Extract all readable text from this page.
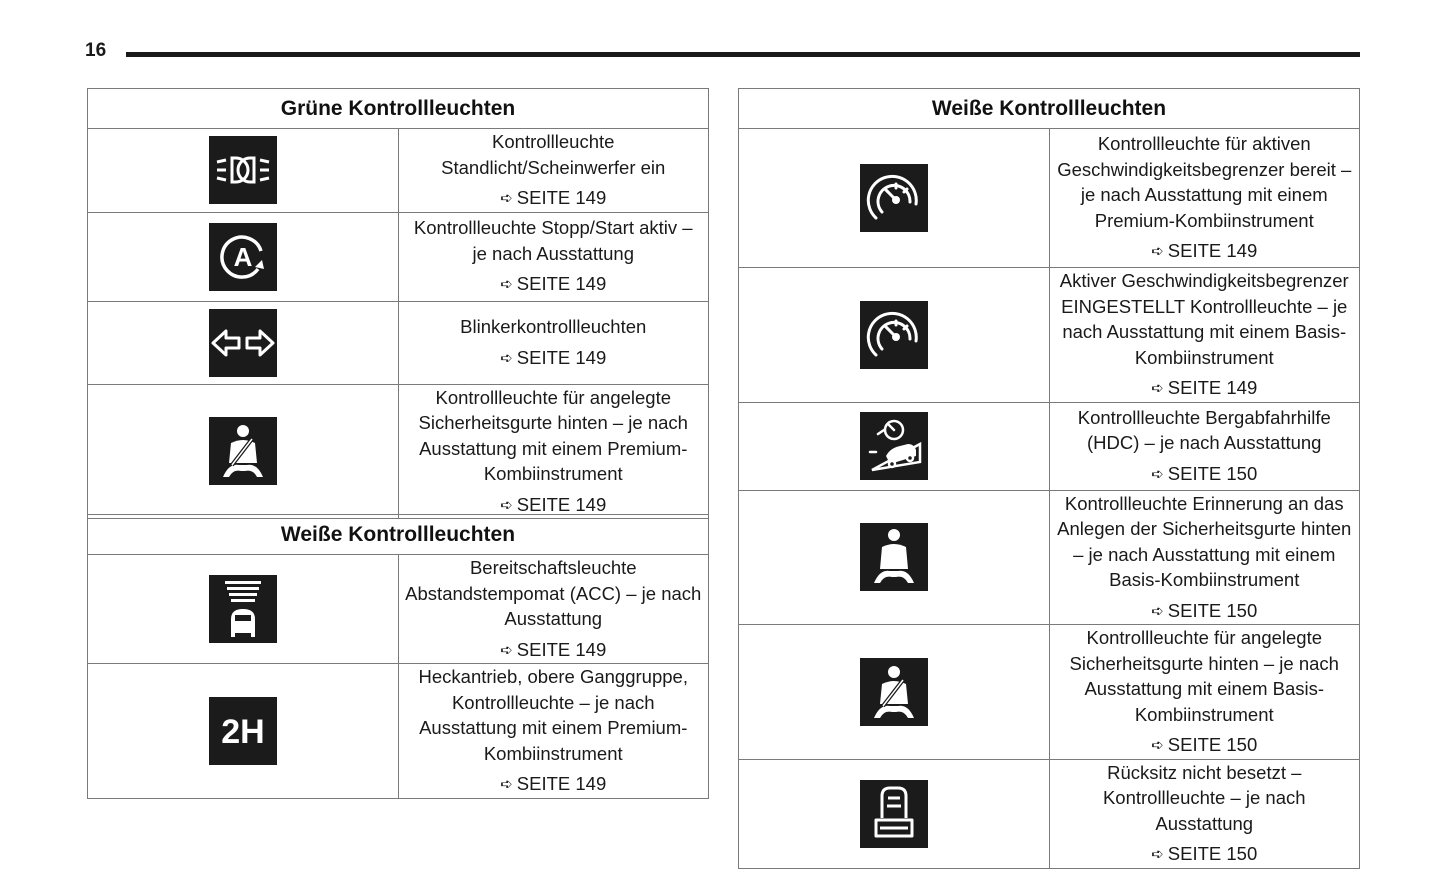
16
Grüne Kontrollleuchten	

Kontrollleuchte Standlicht/Scheinwerfer ein
➪ SEITE 149

A	Kontrollleuchte Stopp/Start aktiv – je nach Ausstattung
➪ SEITE 149

Blinkerkontrollleuchten
➪ SEITE 149

Kontrollleuchte für angelegte Sicherheitsgurte hinten – je nach Ausstattung mit einem Premium-Kombiinstrument
➪ SEITE 149
Weiße Kontrollleuchten	

Bereitschaftsleuchte Abstandstempomat (ACC) – je nach Ausstattung
➪ SEITE 149

2H	Heckantrieb, obere Ganggruppe, Kontrollleuchte – je nach Ausstattung mit einem Premium-Kombiinstrument
➪ SEITE 149
Weiße Kontrollleuchten	

Kontrollleuchte für aktiven Geschwindigkeitsbegrenzer bereit – je nach Ausstattung mit einem Premium-Kombiinstrument
➪ SEITE 149

Aktiver Geschwindigkeitsbegrenzer EINGESTELLT Kontrollleuchte – je nach Ausstattung mit einem Basis-Kombiinstrument
➪ SEITE 149

Kontrollleuchte Bergabfahrhilfe (HDC) – je nach Ausstattung
➪ SEITE 150

Kontrollleuchte Erinnerung an das Anlegen der Sicherheitsgurte hinten – je nach Ausstattung mit einem Basis-Kombiinstrument
➪ SEITE 150

Kontrollleuchte für angelegte Sicherheitsgurte hinten – je nach Ausstattung mit einem Basis-Kombiinstrument
➪ SEITE 150

Rücksitz nicht besetzt – Kontrollleuchte – je nach Ausstattung
➪ SEITE 150
